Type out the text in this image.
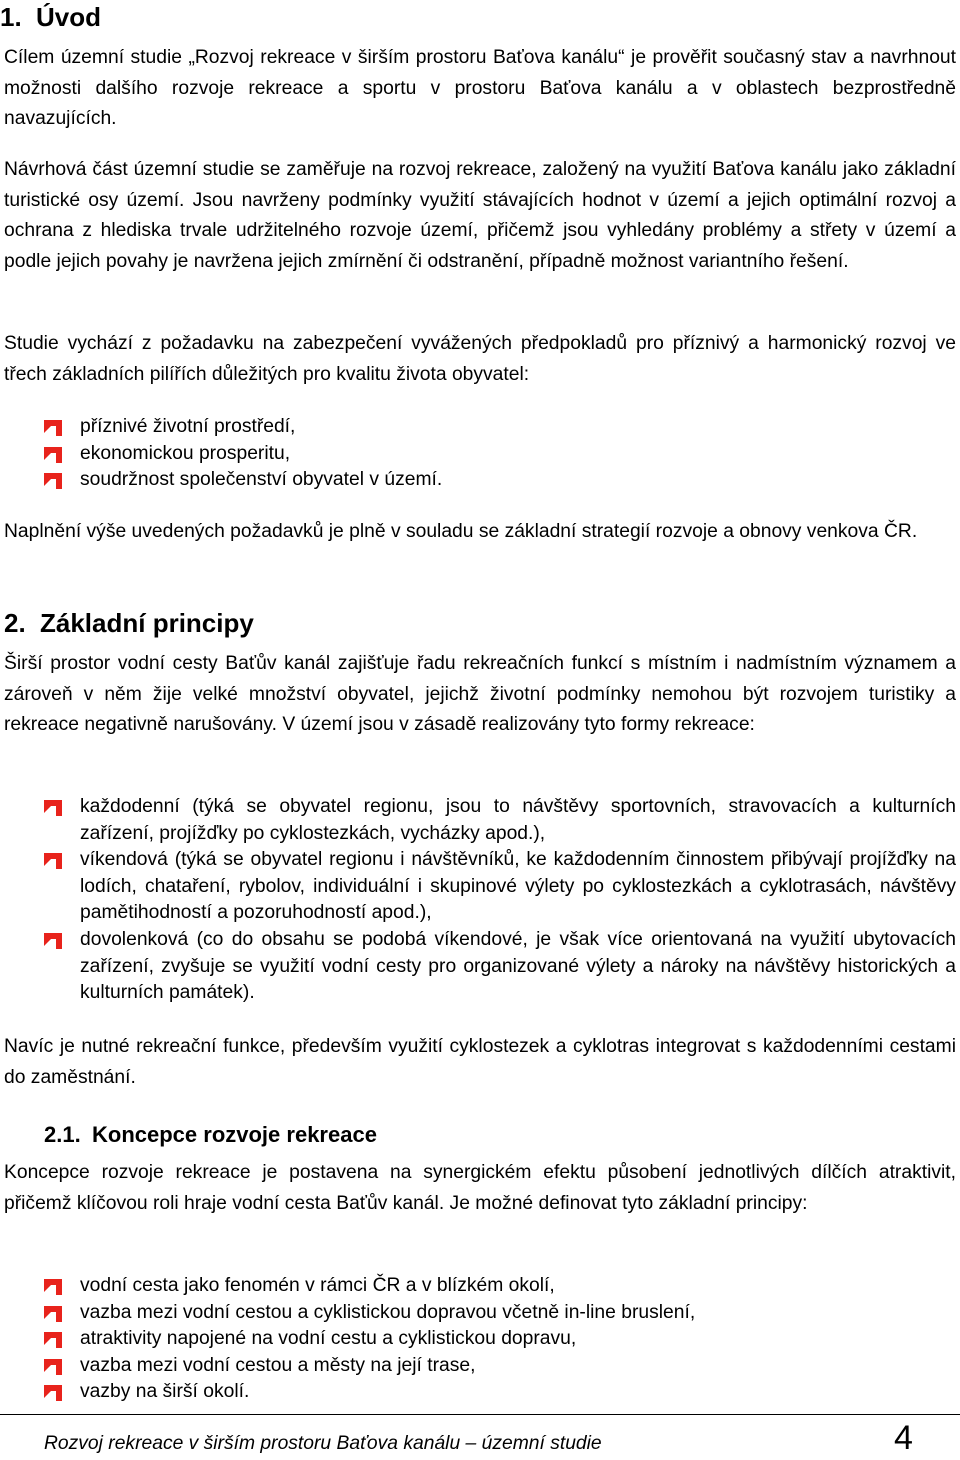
1. Úvod

Cílem územní studie „Rozvoj rekreace v širším prostoru Baťova kanálu“ je prověřit současný stav a navrhnout možnosti dalšího rozvoje rekreace a sportu v prostoru Baťova kanálu a v oblastech bezprostředně navazujících.

Návrhová část územní studie se zaměřuje na rozvoj rekreace, založený na využití Baťova kanálu jako základní turistické osy území. Jsou navrženy podmínky využití stávajících hodnot v území a jejich optimální rozvoj a ochrana z hlediska trvale udržitelného rozvoje území, přičemž jsou vyhledány problémy a střety v území a podle jejich povahy je navržena jejich zmírnění či odstranění, případně možnost variantního řešení.

Studie vychází z požadavku na zabezpečení vyvážených předpokladů pro příznivý a harmonický rozvoj ve třech základních pilířích důležitých pro kvalitu života obyvatel:

příznivé životní prostředí,
ekonomickou prosperitu,
soudržnost společenství obyvatel v území.

Naplnění výše uvedených požadavků je plně v souladu se základní strategií rozvoje a obnovy venkova ČR.

2. Základní principy

Širší prostor vodní cesty Baťův kanál zajišťuje řadu rekreačních funkcí s místním i nadmístním významem a zároveň v něm žije velké množství obyvatel, jejichž životní podmínky nemohou být rozvojem turistiky a rekreace negativně narušovány. V území jsou v zásadě realizovány tyto formy rekreace:

každodenní (týká se obyvatel regionu, jsou to návštěvy sportovních, stravovacích a kulturních zařízení, projížďky po cyklostezkách, vycházky apod.),
víkendová (týká se obyvatel regionu i návštěvníků, ke každodenním činnostem přibývají projížďky na lodích, chataření, rybolov, individuální i skupinové výlety po cyklostezkách a cyklotrasách, návštěvy pamětihodností a pozoruhodností apod.),
dovolenková (co do obsahu se podobá víkendové, je však více orientovaná na využití ubytovacích zařízení, zvyšuje se využití vodní cesty pro organizované výlety a nároky na návštěvy historických a kulturních památek).

Navíc je nutné rekreační funkce, především využití cyklostezek a cyklotras integrovat s každodenními cestami do zaměstnání.

2.1. Koncepce rozvoje rekreace

Koncepce rozvoje rekreace je postavena na synergickém efektu působení jednotlivých dílčích atraktivit, přičemž klíčovou roli hraje vodní cesta Baťův kanál. Je možné definovat tyto základní principy:

vodní cesta jako fenomén v rámci ČR a v blízkém okolí,
vazba mezi vodní cestou a cyklistickou dopravou včetně in-line bruslení,
atraktivity napojené na vodní cestu a cyklistickou dopravu,
vazba mezi vodní cestou a městy na její trase,
vazby na širší okolí.
Rozvoj rekreace v širším prostoru Baťova kanálu – územní studie	4
